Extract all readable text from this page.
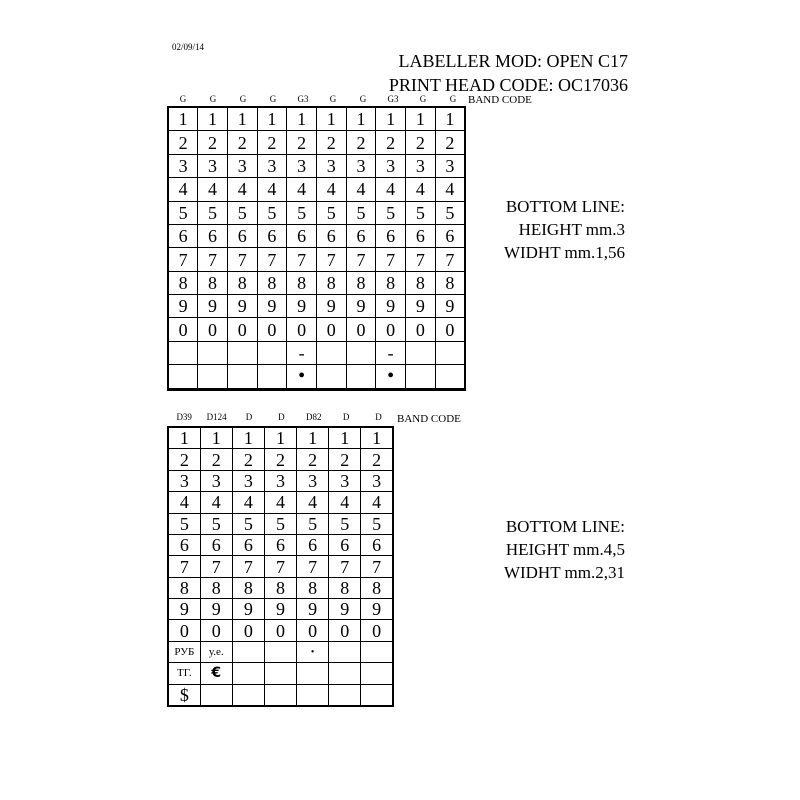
02/09/14
LABELLER MOD: OPEN C17
PRINT HEAD CODE: OC17036
G	G	G	G	G3	G	G	G3	G	G	BAND CODE
1	1	1	1	1	1	1	1	1	1
2	2	2	2	2	2	2	2	2	2
3	3	3	3	3	3	3	3	3	3
4	4	4	4	4	4	4	4	4	4
5	5	5	5	5	5	5	5	5	5
6	6	6	6	6	6	6	6	6	6
7	7	7	7	7	7	7	7	7	7
8	8	8	8	8	8	8	8	8	8
9	9	9	9	9	9	9	9	9	9
0	0	0	0	0	0	0	0	0	0
				-			-		
				•			•		

BOTTOM LINE:
HEIGHT mm.3
WIDHT mm.1,56
D39	D124	D	D	D82	D	D	BAND CODE
1	1	1	1	1	1	1
2	2	2	2	2	2	2
3	3	3	3	3	3	3
4	4	4	4	4	4	4
5	5	5	5	5	5	5
6	6	6	6	6	6	6
7	7	7	7	7	7	7
8	8	8	8	8	8	8
9	9	9	9	9	9	9
0	0	0	0	0	0	0
РУБ	у.е.			·		
ТГ.	€					
$						
BOTTOM LINE:
HEIGHT mm.4,5
WIDHT mm.2,31
